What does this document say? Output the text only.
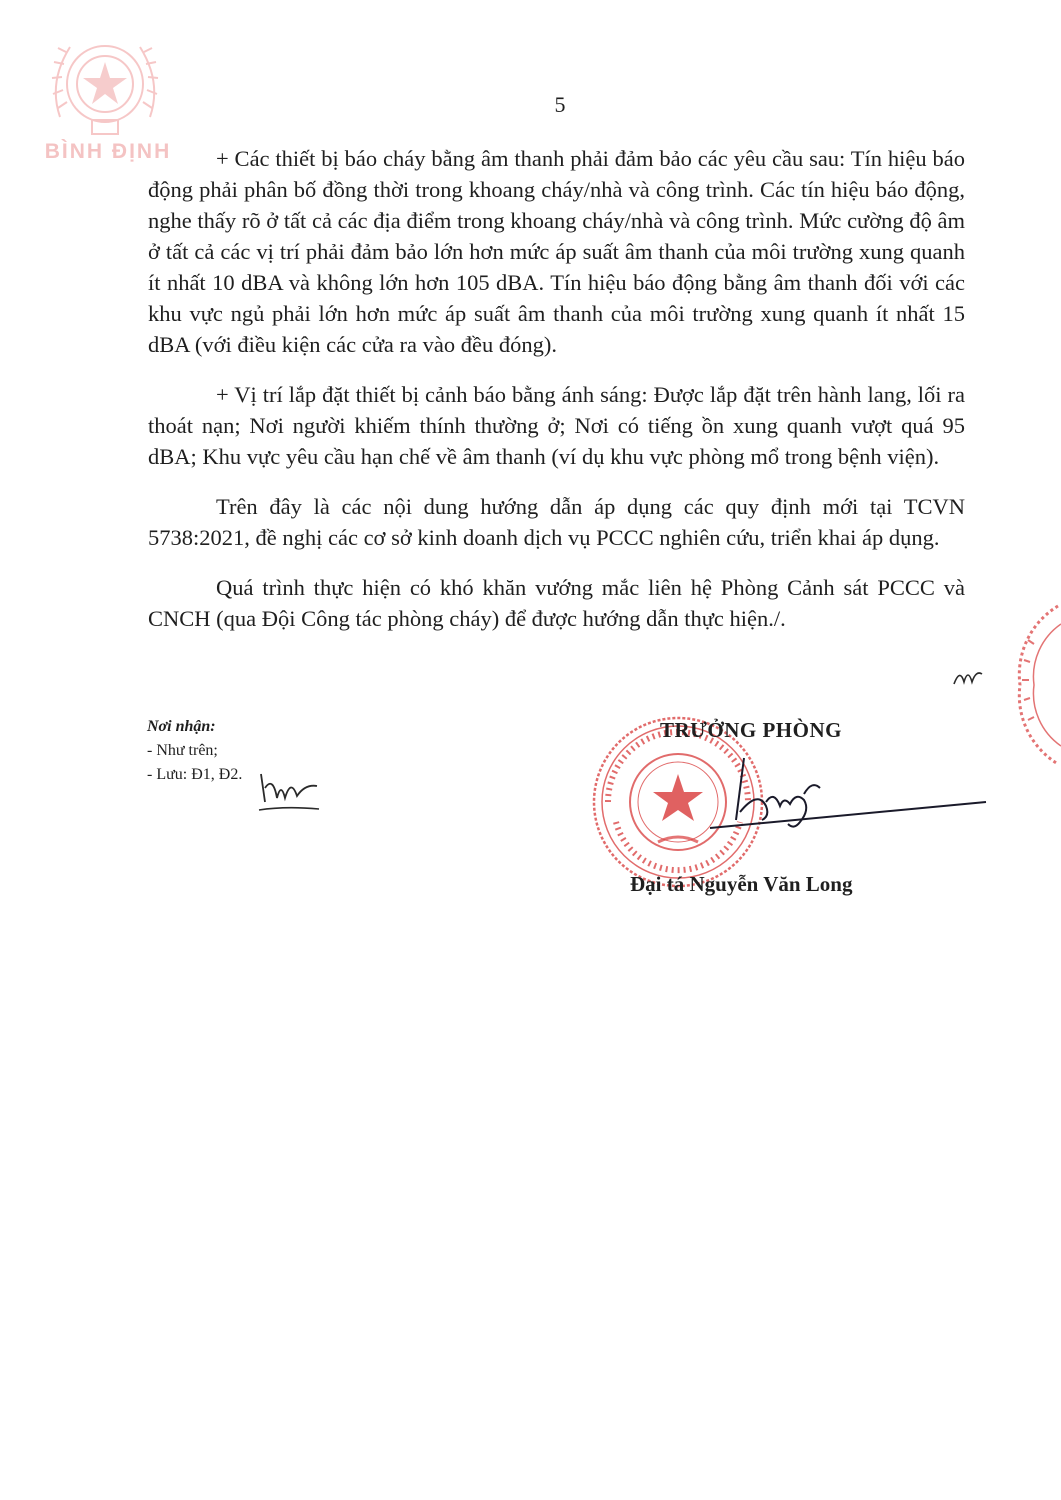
BÌNH ĐỊNH
5

+ Các thiết bị báo cháy bằng âm thanh phải đảm bảo các yêu cầu sau: Tín hiệu báo động phải phân bố đồng thời trong khoang cháy/nhà và công trình. Các tín hiệu báo động, nghe thấy rõ ở tất cả các địa điểm trong khoang cháy/nhà và công trình. Mức cường độ âm ở tất cả các vị trí phải đảm bảo lớn hơn mức áp suất âm thanh của môi trường xung quanh ít nhất 10 dBA và không lớn hơn 105 dBA. Tín hiệu báo động bằng âm thanh đối với các khu vực ngủ phải lớn hơn mức áp suất âm thanh của môi trường xung quanh ít nhất 15 dBA (với điều kiện các cửa ra vào đều đóng).

+ Vị trí lắp đặt thiết bị cảnh báo bằng ánh sáng: Được lắp đặt trên hành lang, lối ra thoát nạn; Nơi người khiếm thính thường ở; Nơi có tiếng ồn xung quanh vượt quá 95 dBA; Khu vực yêu cầu hạn chế về âm thanh (ví dụ khu vực phòng mổ trong bệnh viện).

Trên đây là các nội dung hướng dẫn áp dụng các quy định mới tại TCVN 5738:2021, đề nghị các cơ sở kinh doanh dịch vụ PCCC nghiên cứu, triển khai áp dụng.

Quá trình thực hiện có khó khăn vướng mắc liên hệ Phòng Cảnh sát PCCC và CNCH (qua Đội Công tác phòng cháy) để được hướng dẫn thực hiện./.

Nơi nhận:
- Như trên;
- Lưu: Đ1, Đ2.
TRƯỞNG PHÒNG
Đại tá Nguyễn Văn Long
